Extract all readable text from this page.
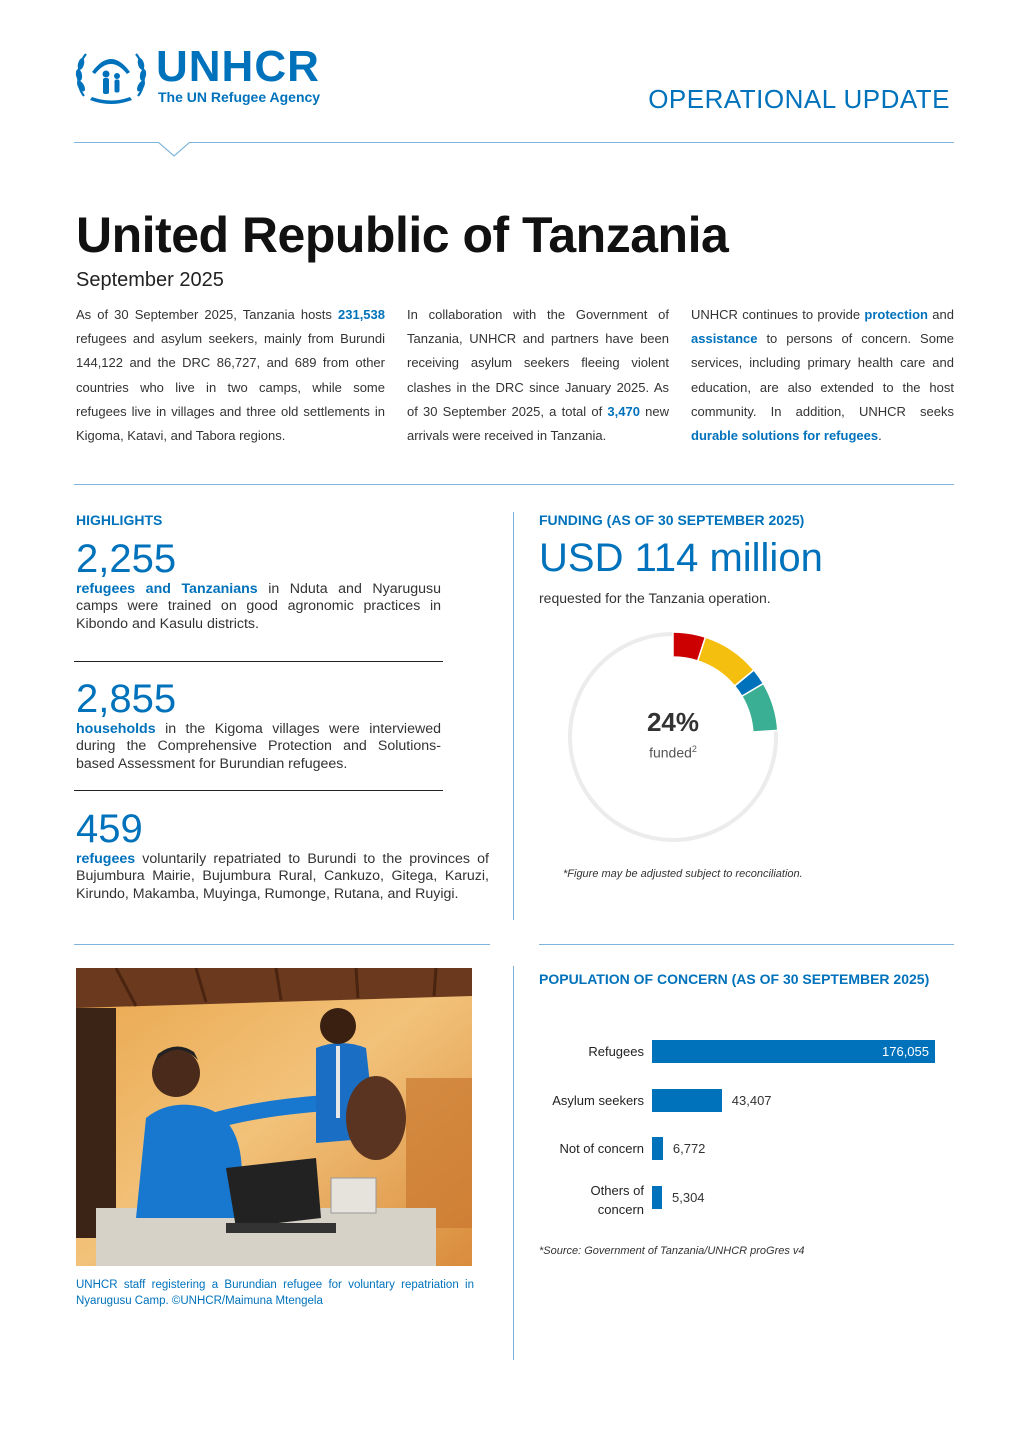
UNHCR
The UN Refugee Agency	OPERATIONAL UPDATE
United Republic of Tanzania
September 2025
As of 30 September 2025, Tanzania hosts 231,538 refugees and asylum seekers, mainly from Burundi 144,122 and the DRC 86,727, and 689 from other countries who live in two camps, while some refugees live in villages and three old settlements in Kigoma, Katavi, and Tabora regions.
In collaboration with the Government of Tanzania, UNHCR and partners have been receiving asylum seekers fleeing violent clashes in the DRC since January 2025. As of 30 September 2025, a total of 3,470 new arrivals were received in Tanzania.
UNHCR continues to provide protection and assistance to persons of concern. Some services, including primary health care and education, are also extended to the host community. In addition, UNHCR seeks durable solutions for refugees.
HIGHLIGHTS
2,255
refugees and Tanzanians in Nduta and Nyarugusu camps were trained on good agronomic practices in Kibondo and Kasulu districts.
2,855
households in the Kigoma villages were interviewed during the Comprehensive Protection and Solutions-based Assessment for Burundian refugees.
459
refugees voluntarily repatriated to Burundi to the provinces of Bujumbura Mairie, Bujumbura Rural, Cankuzo, Gitega, Karuzi, Kirundo, Makamba, Muyinga, Rumonge, Rutana, and Ruyigi.
FUNDING (AS OF 30 SEPTEMBER 2025)
USD 114 million
requested for the Tanzania operation.
24%
funded$^2$
*Figure may be adjusted subject to reconciliation.
UNHCR staff registering a Burundian refugee for voluntary repatriation in Nyarugusu Camp. ©UNHCR/Maimuna Mtengela
POPULATION OF CONCERN (AS OF 30 SEPTEMBER 2025)
Refugees	176,055
Asylum seekers	43,407
Not of concern 6,772
Others of
concern
5,304
*Source: Government of Tanzania/UNHCR proGres v4
